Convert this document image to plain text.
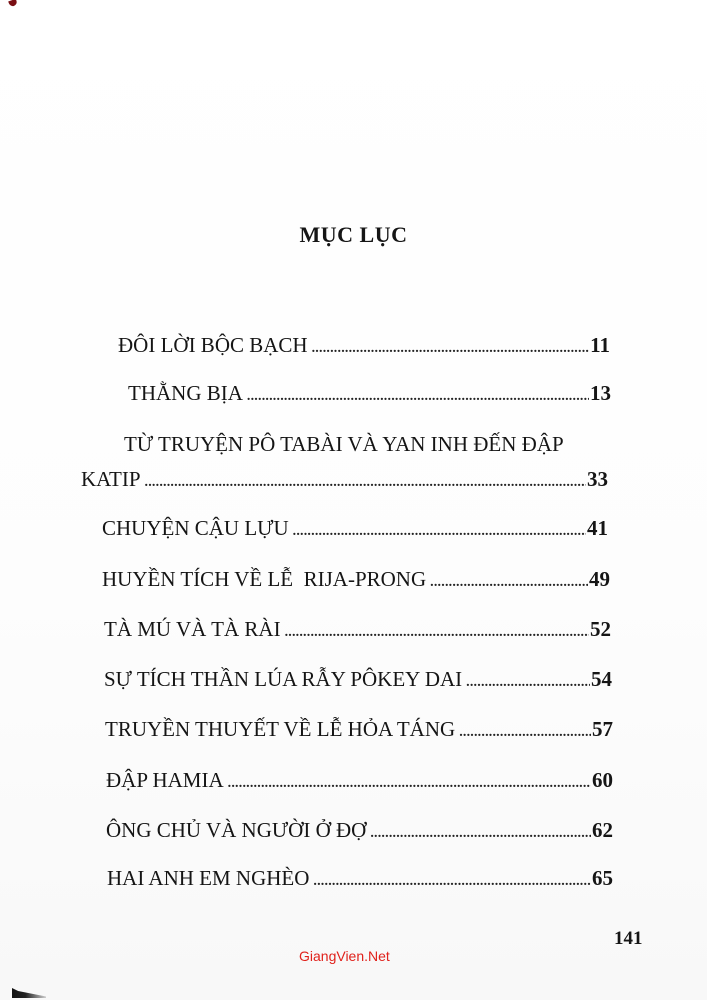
MỤC LỤC
ĐÔI LỜI BỘC BẠCH .....	11
THẰNG BỊA .....	13
TỪ TRUYỆN PÔ TABÀI VÀ YAN INH ĐẾN ĐẬP
KATIP .....	33
CHUYỆN CẬU LỰU .....	41
HUYỀN TÍCH VỀ LỄ  RIJA-PRONG .....	49
TÀ MÚ VÀ TÀ RÀI .....	52
SỰ TÍCH THẦN LÚA RẪY PÔKEY DAI .....	54
TRUYỀN THUYẾT VỀ LỄ HỎA TÁNG .....	57
ĐẬP HAMIA .....	60
ÔNG CHỦ VÀ NGƯỜI Ở ĐỢ .....	62
HAI ANH EM NGHÈO .....	65
141
GiangVien.Net
